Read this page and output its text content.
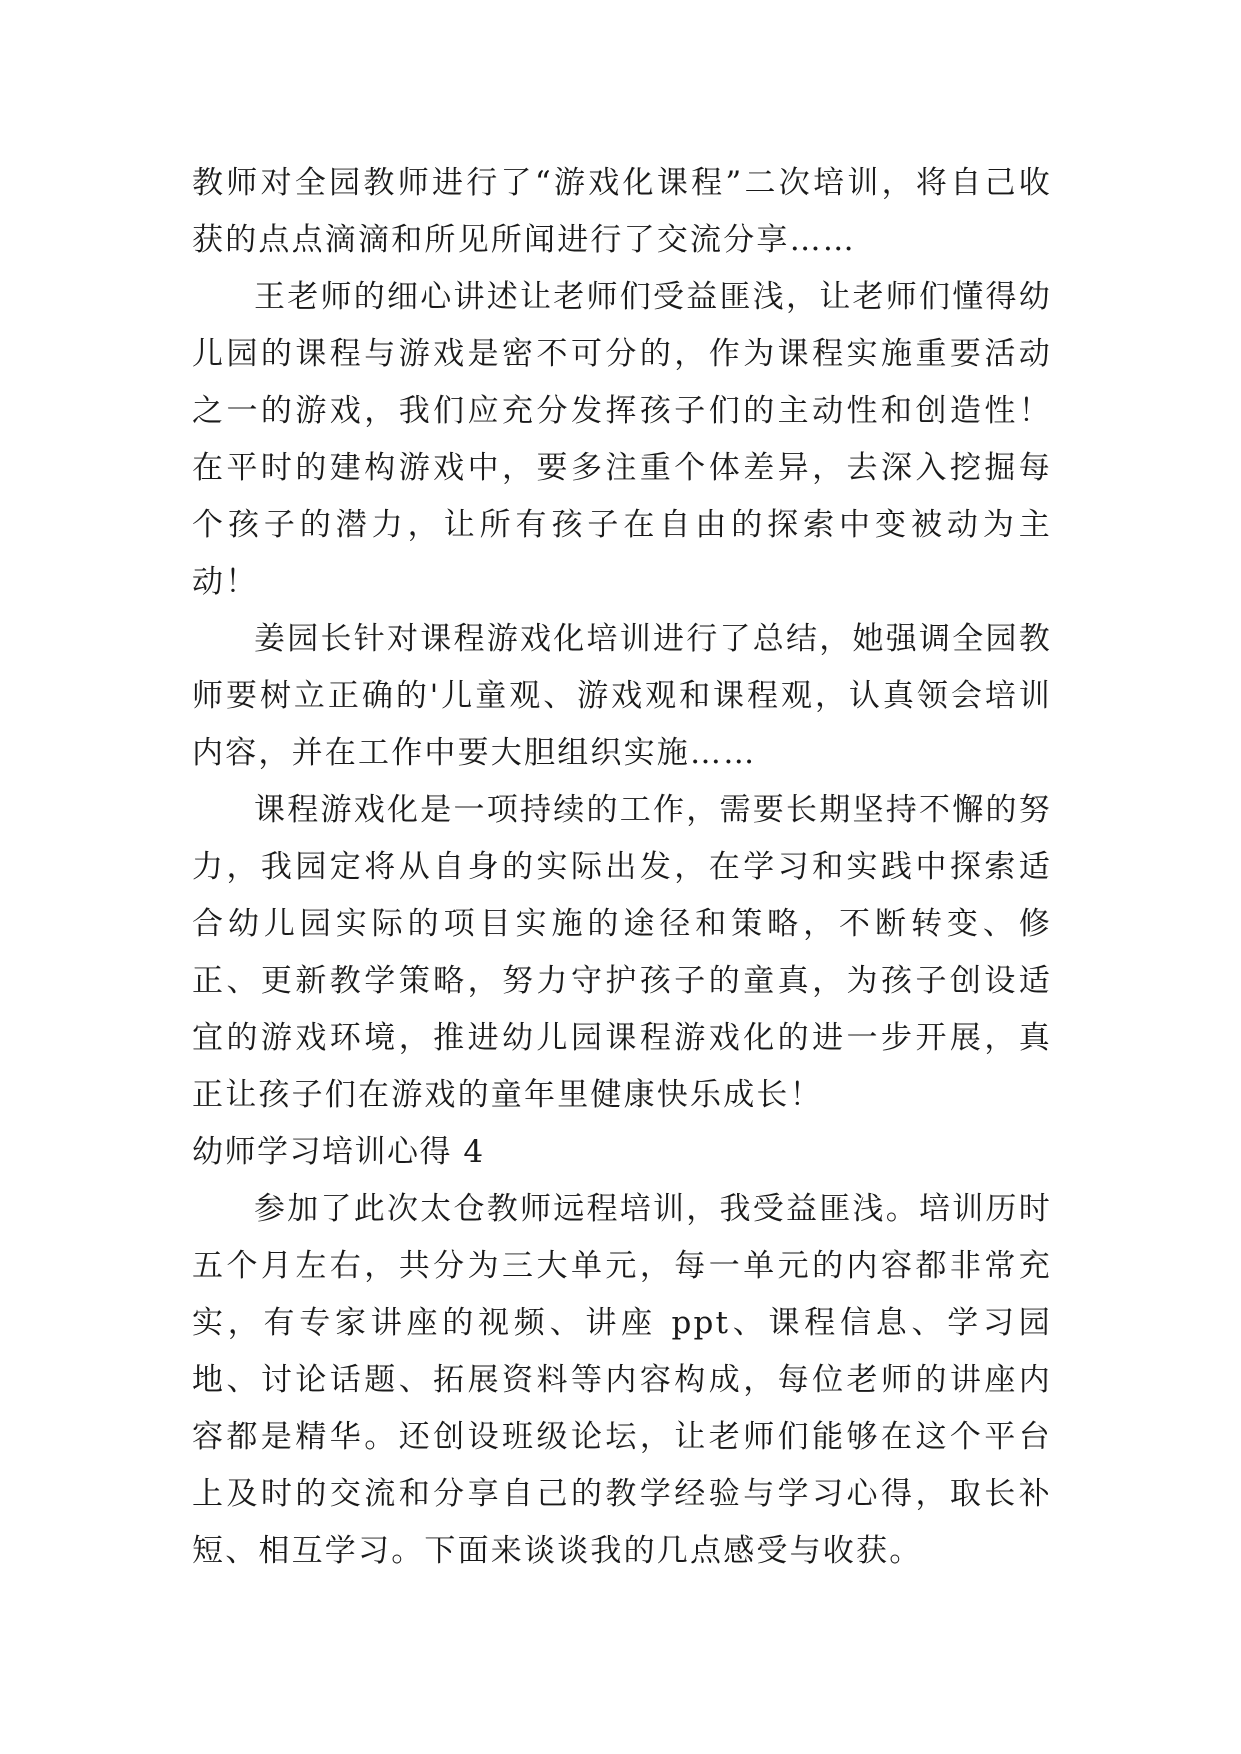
教师对全园教师进行了“游戏化课程”二次培训，将自己收获的点点滴滴和所见所闻进行了交流分享……

王老师的细心讲述让老师们受益匪浅，让老师们懂得幼儿园的课程与游戏是密不可分的，作为课程实施重要活动之一的游戏，我们应充分发挥孩子们的主动性和创造性！在平时的建构游戏中，要多注重个体差异，去深入挖掘每个孩子的潜力，让所有孩子在自由的探索中变被动为主动！

姜园长针对课程游戏化培训进行了总结，她强调全园教师要树立正确的'儿童观、游戏观和课程观，认真领会培训内容，并在工作中要大胆组织实施……

课程游戏化是一项持续的工作，需要长期坚持不懈的努力，我园定将从自身的实际出发，在学习和实践中探索适合幼儿园实际的项目实施的途径和策略，不断转变、修正、更新教学策略，努力守护孩子的童真，为孩子创设适宜的游戏环境，推进幼儿园课程游戏化的进一步开展，真正让孩子们在游戏的童年里健康快乐成长！

幼师学习培训心得 4

参加了此次太仓教师远程培训，我受益匪浅。培训历时五个月左右，共分为三大单元，每一单元的内容都非常充实，有专家讲座的视频、讲座 ppt、课程信息、学习园地、讨论话题、拓展资料等内容构成，每位老师的讲座内容都是精华。还创设班级论坛，让老师们能够在这个平台上及时的交流和分享自己的教学经验与学习心得，取长补短、相互学习。下面来谈谈我的几点感受与收获。
